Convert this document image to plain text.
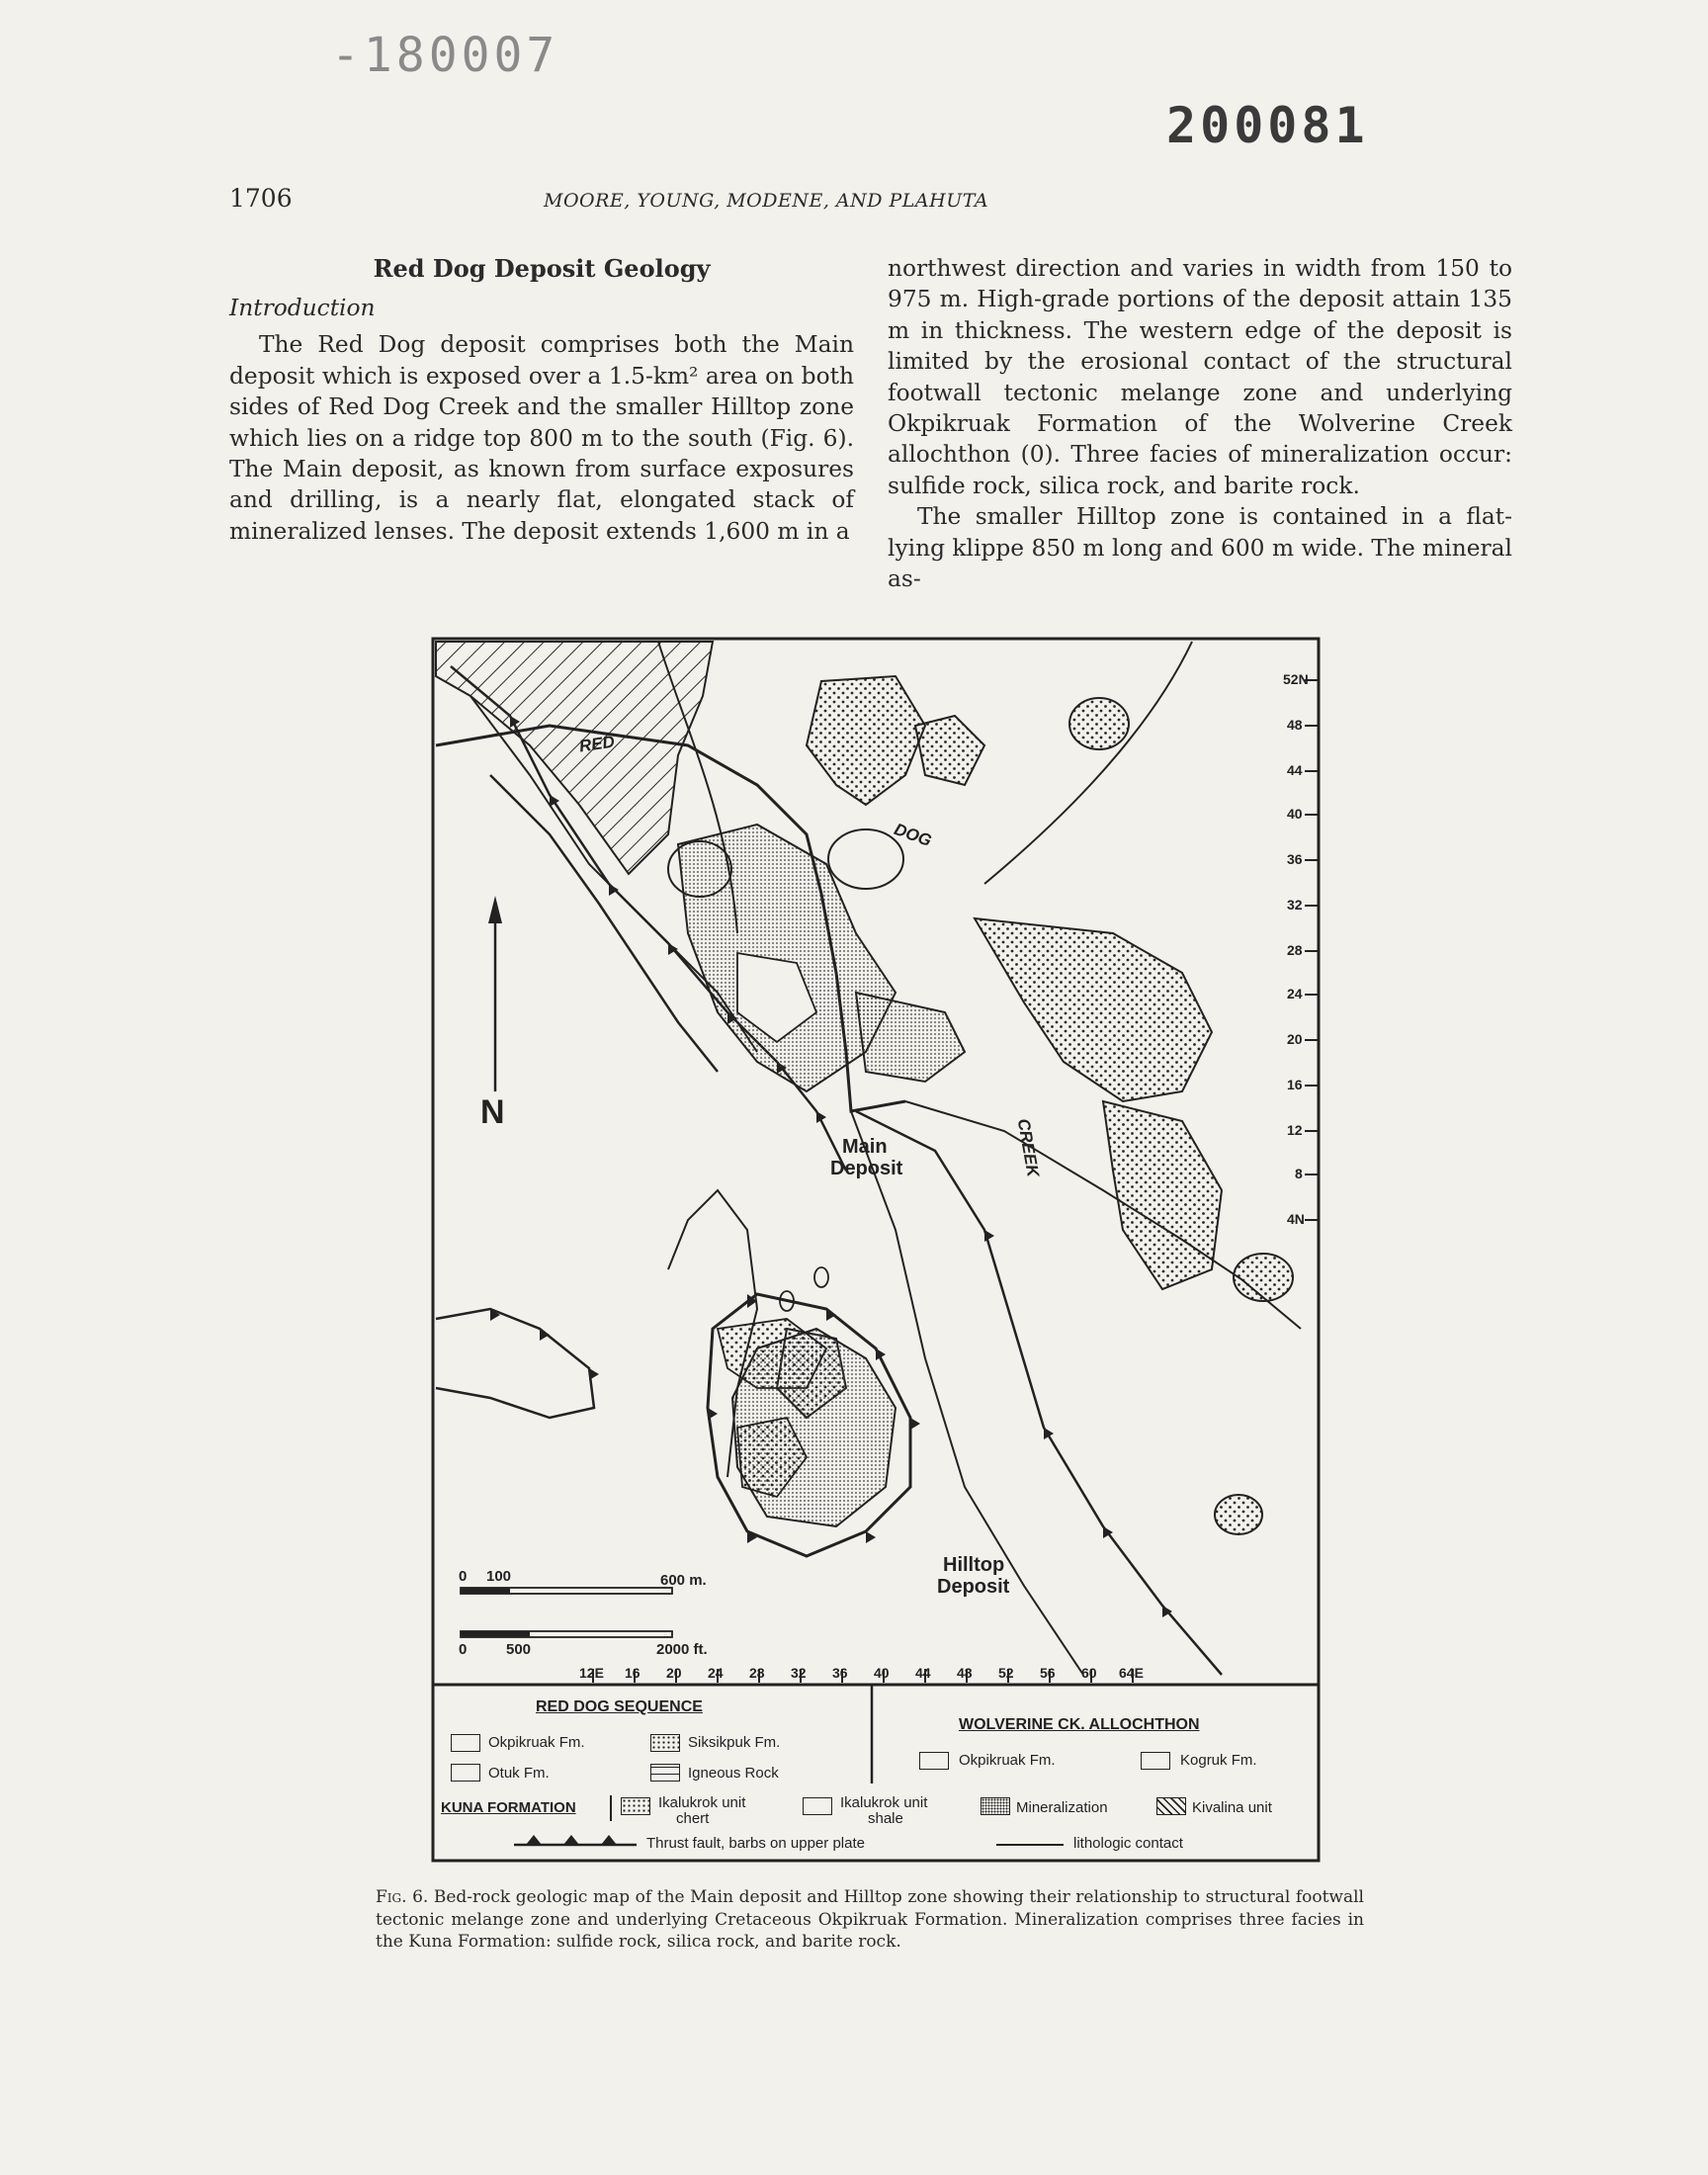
-180007
200081
1706	MOORE, YOUNG, MODENE, AND PLAHUTA
Red Dog Deposit Geology

Introduction

The Red Dog deposit comprises both the Main deposit which is exposed over a 1.5-km² area on both sides of Red Dog Creek and the smaller Hilltop zone which lies on a ridge top 800 m to the south (Fig. 6). The Main deposit, as known from surface exposures and drilling, is a nearly flat, elongated stack of mineralized lenses. The deposit extends 1,600 m in a

northwest direction and varies in width from 150 to 975 m. High-grade portions of the deposit attain 135 m in thickness. The western edge of the deposit is limited by the erosional contact of the structural footwall tectonic melange zone and underlying Okpikruak Formation of the Wolverine Creek allochthon (0). Three facies of mineralization occur: sulfide rock, silica rock, and barite rock.

The smaller Hilltop zone is contained in a flat-lying klippe 850 m long and 600 m wide. The mineral as-

RED
DOG
CREEK
N
Main
Deposit
Hilltop
Deposit
52N
48
44
40
36
32
28
24
20
16
12
8
4N
12E 16 20 24 28 32 36 40 44 48 52 56 60 64E
0 100	600 m.
0	500	2000 ft.
RED DOG SEQUENCE
Okpikruak Fm.	Siksikpuk Fm.
Otuk Fm.	Igneous Rock
WOLVERINE CK. ALLOCHTHON
Okpikruak Fm.	Kogruk Fm.
KUNA FORMATION	Ikalukrok unit
chert
Ikalukrok unit
shale
Mineralization	Kivalina unit
Thrust fault, barbs on upper plate	lithologic contact
Fig. 6. Bed-rock geologic map of the Main deposit and Hilltop zone showing their relationship to structural footwall tectonic melange zone and underlying Cretaceous Okpikruak Formation. Mineralization comprises three facies in the Kuna Formation: sulfide rock, silica rock, and barite rock.
